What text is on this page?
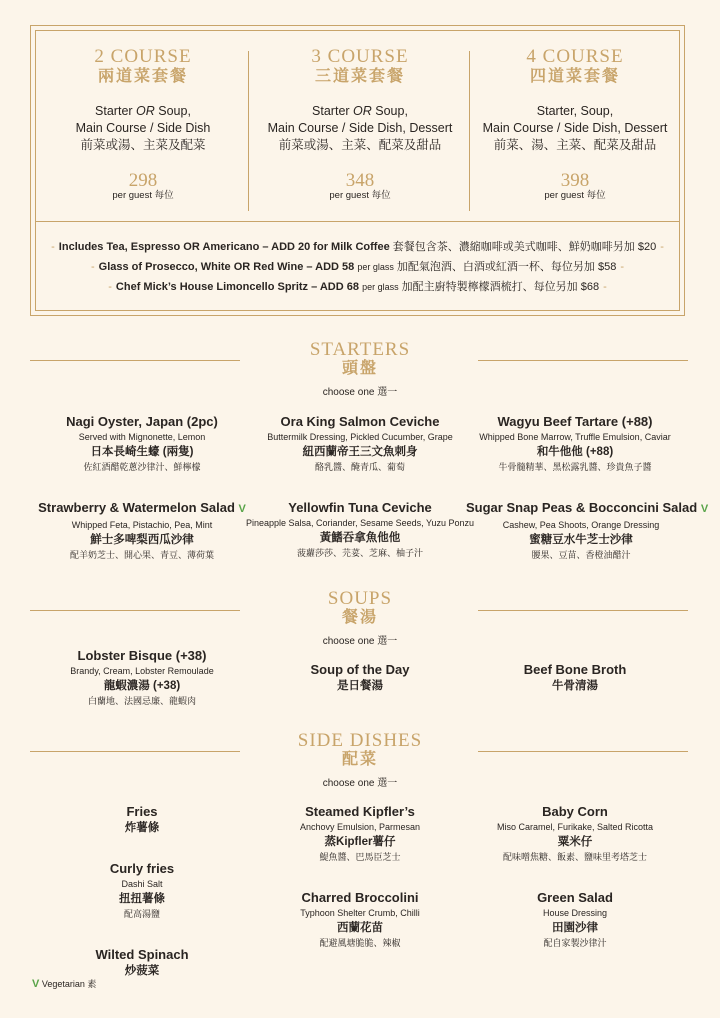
2 COURSE
兩道菜套餐
Starter OR Soup,
Main Course / Side Dish
前菜或湯、主菜及配菜
298
per guest 每位
3 COURSE
三道菜套餐
Starter OR Soup,
Main Course / Side Dish, Dessert
前菜或湯、主菜、配菜及甜品
348
per guest 每位
4 COURSE
四道菜套餐
Starter, Soup,
Main Course / Side Dish, Dessert
前菜、湯、主菜、配菜及甜品
398
per guest 每位
- Includes Tea, Espresso OR Americano – ADD 20 for Milk Coffee 套餐包含茶、濃縮咖啡或美式咖啡、鮮奶咖啡另加 $20 -
- Glass of Prosecco, White OR Red Wine – ADD 58 per glass 加配氣泡酒、白酒或紅酒一杯、每位另加 $58 -
- Chef Mick’s House Limoncello Spritz – ADD 68 per glass 加配主廚特製檸檬酒梳打、每位另加 $68 -
STARTERS
頭盤
choose one 選一
Nagi Oyster, Japan (2pc)
Served with Mignonette, Lemon
日本長崎生蠔 (兩隻)
佐紅酒醋乾蔥沙律汁、鮮檸檬
Ora King Salmon Ceviche
Buttermilk Dressing, Pickled Cucumber, Grape
紐西蘭帝王三文魚刺身
酪乳醬、醃青瓜、葡萄
Wagyu Beef Tartare (+88)
Whipped Bone Marrow, Truffle Emulsion, Caviar
和牛他他 (+88)
牛骨髓精華、黑松露乳醬、珍貴魚子醬
Strawberry & Watermelon Salad V
Whipped Feta, Pistachio, Pea, Mint
鮮士多啤梨西瓜沙律
配羊奶芝士、開心果、青豆、薄荷葉
Yellowfin Tuna Ceviche
Pineapple Salsa, Coriander, Sesame Seeds, Yuzu Ponzu
黃鰭吞拿魚他他
菠蘿莎莎、芫荽、芝麻、柚子汁
Sugar Snap Peas & Bocconcini Salad V
Cashew, Pea Shoots, Orange Dressing
蜜糖豆水牛芝士沙律
腰果、豆苗、香橙油醋汁
SOUPS
餐湯
choose one 選一
Lobster Bisque (+38)
Brandy, Cream, Lobster Remoulade
龍蝦濃湯 (+38)
白蘭地、法國忌廉、龍蝦肉
Soup of the Day
是日餐湯
Beef Bone Broth
牛骨清湯
SIDE DISHES
配菜
choose one 選一
Fries
炸薯條
Steamed Kipfler’s
Anchovy Emulsion, Parmesan
蒸Kipfler薯仔
鯷魚醬、巴馬臣芝士
Baby Corn
Miso Caramel, Furikake, Salted Ricotta
粟米仔
配味噌焦糖、飯素、鹽味里考塔芝士
Curly fries
Dashi Salt
扭扭薯條
配高湯鹽
Charred Broccolini
Typhoon Shelter Crumb, Chilli
西蘭花苗
配避風塘脆脆、辣椒
Green Salad
House Dressing
田園沙律
配自家製沙律汁
Wilted Spinach
炒菠菜
V Vegetarian 素
